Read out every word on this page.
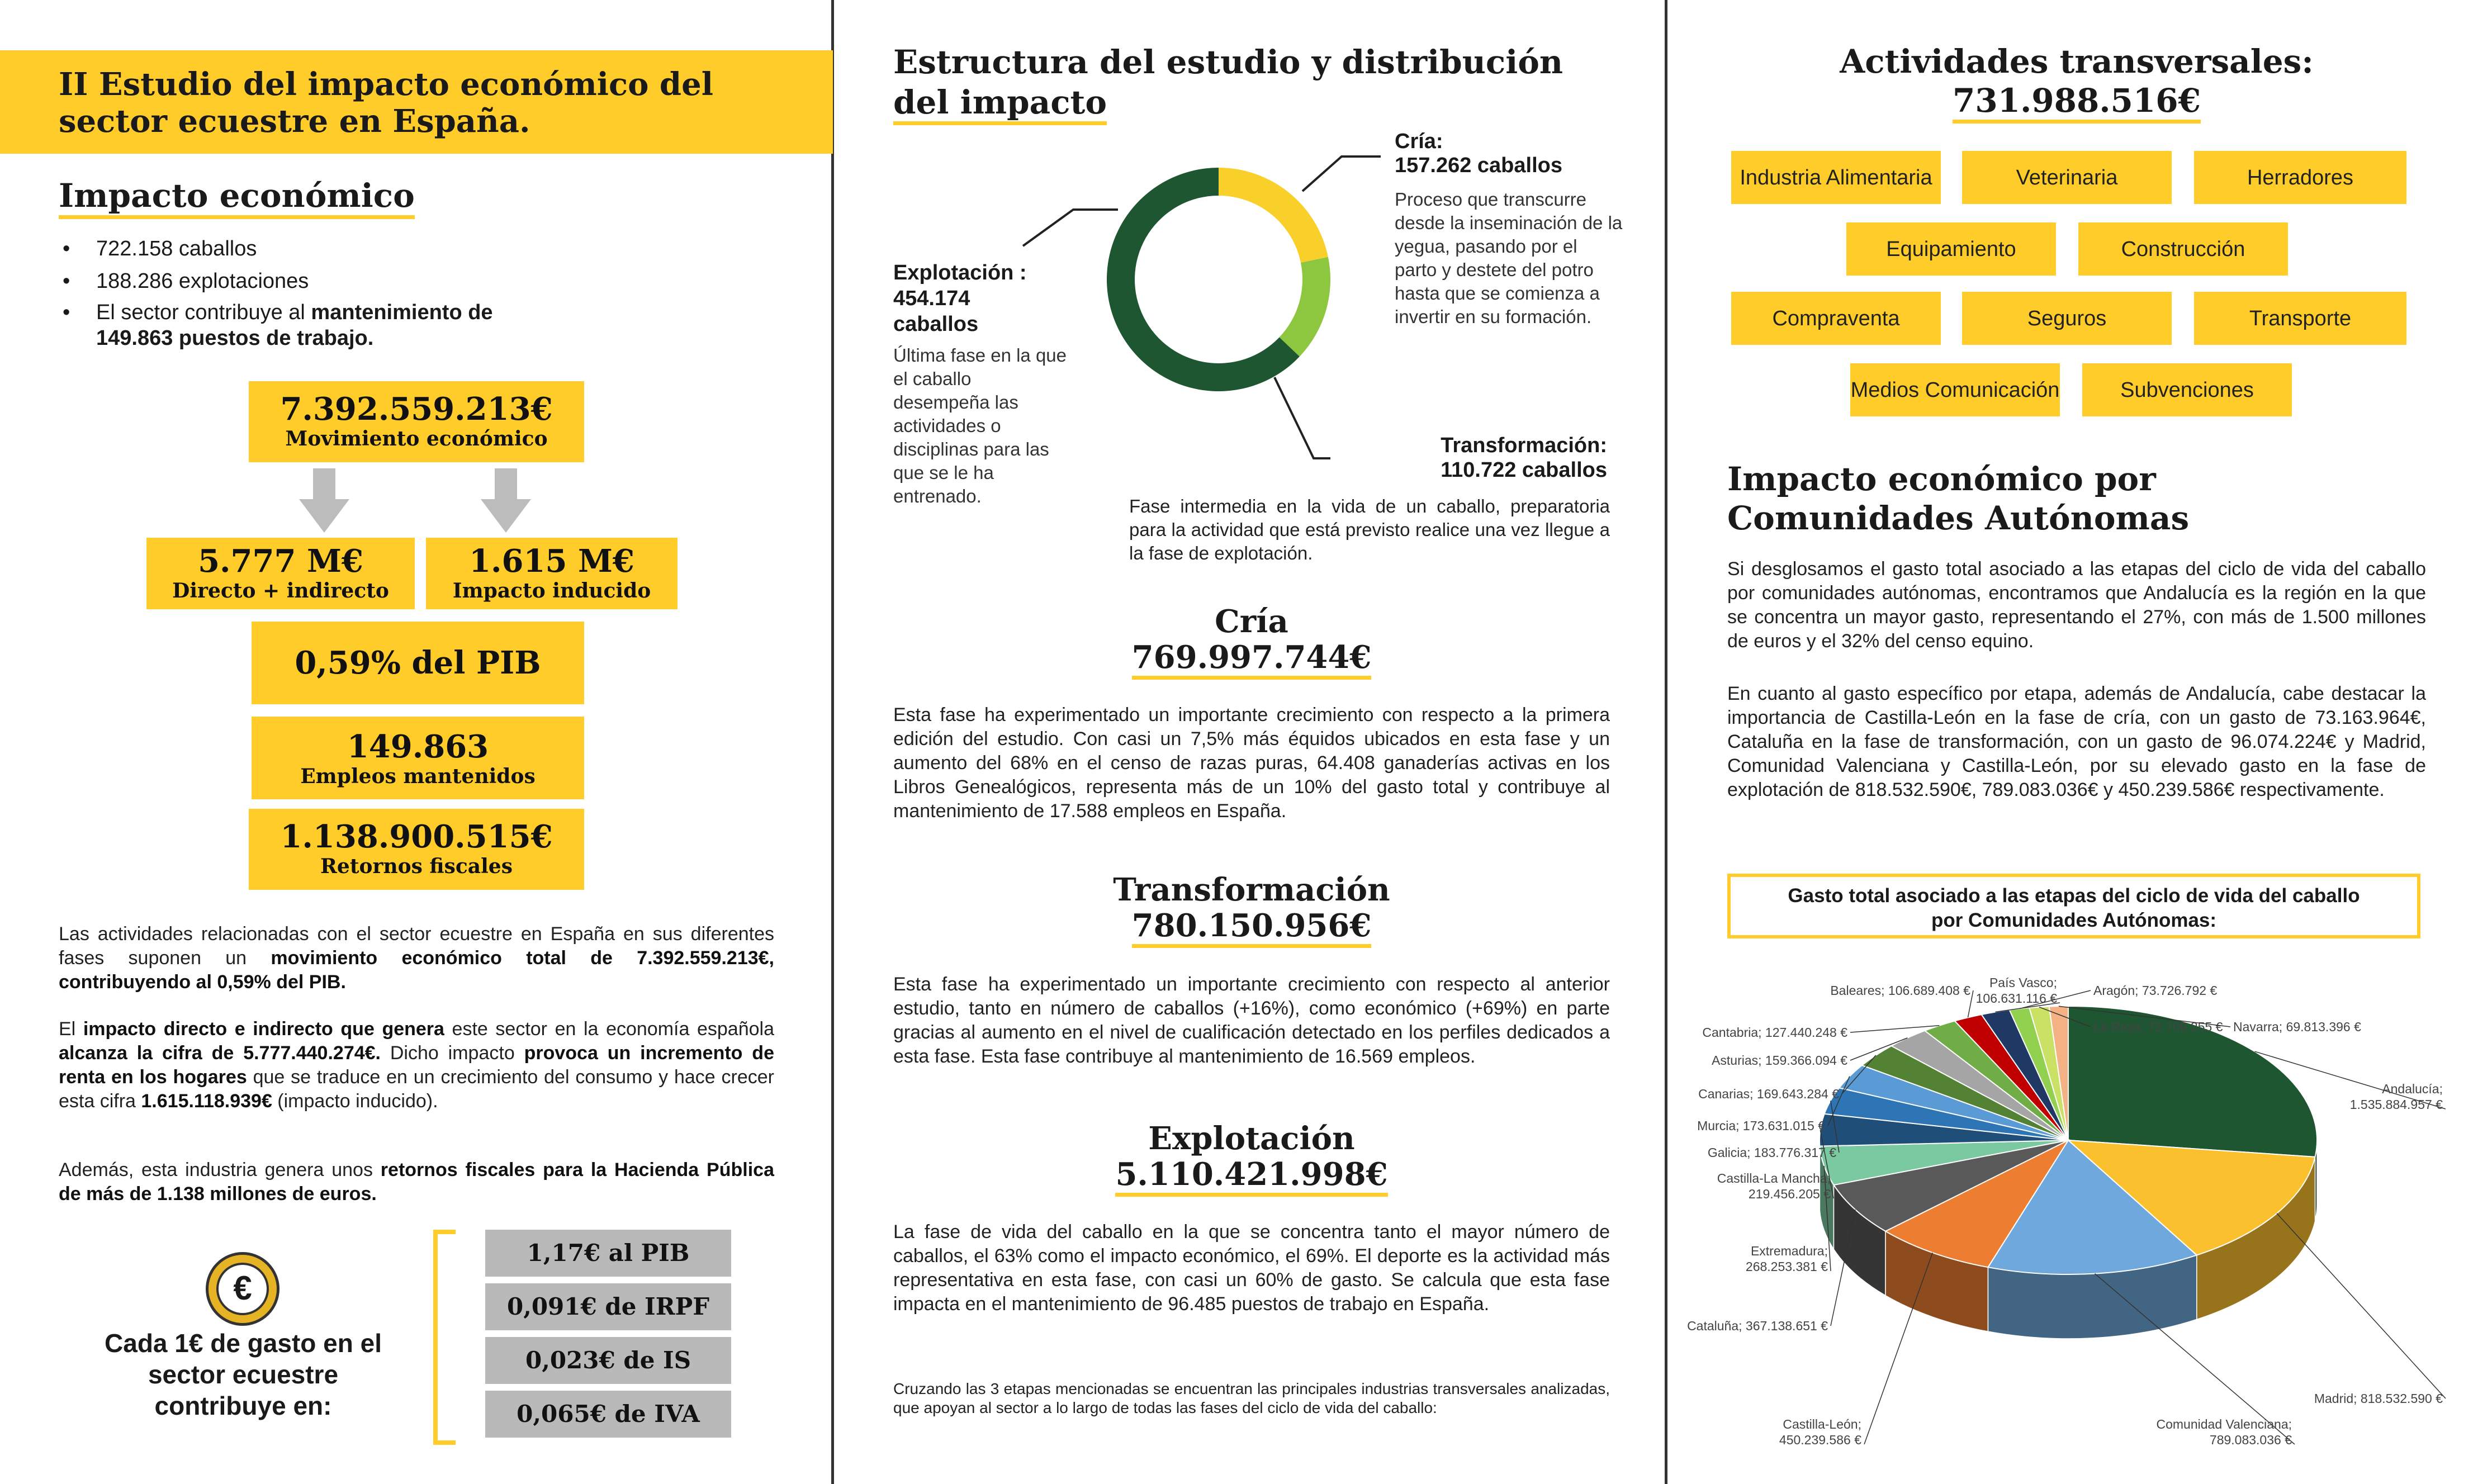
II Estudio del impacto económico del
sector ecuestre en España.
Impacto económico
• 722.158 caballos
• 188.286 explotaciones
• El sector contribuye al mantenimiento de
149.863 puestos de trabajo.
7.392.559.213€
Movimiento económico
5.777 M€
Directo + indirecto
1.615 M€
Impacto inducido
0,59% del PIB
149.863
Empleos mantenidos
1.138.900.515€
Retornos fiscales
Las actividades relacionadas con el sector ecuestre en España en sus diferentes fases suponen un movimiento económico total de 7.392.559.213€, contribuyendo al 0,59% del PIB.
El impacto directo e indirecto que genera este sector en la economía española alcanza la cifra de 5.777.440.274€. Dicho impacto provoca un incremento de renta en los hogares que se traduce en un crecimiento del consumo y hace crecer esta cifra 1.615.118.939€ (impacto inducido).
Además, esta industria genera unos retornos fiscales para la Hacienda Pública de más de 1.138 millones de euros.
€
Cada 1€ de gasto en el sector ecuestre contribuye en:
1,17€ al PIB
0,091€ de IRPF
0,023€ de IS
0,065€ de IVA
Estructura del estudio y distribución
del impacto
Cría:
157.262 caballos
Proceso que transcurre desde la inseminación de la yegua, pasando por el parto y destete del potro hasta que se comienza a invertir en su formación.
Explotación :
454.174
caballos
Última fase en la que el caballo desempeña las actividades o disciplinas para las que se le ha entrenado.
Transformación:
110.722 caballos
Fase intermedia en la vida de un caballo, preparatoria para la actividad que está previsto realice una vez llegue a la fase de explotación.
Cría
769.997.744€
Esta fase ha experimentado un importante crecimiento con respecto a la primera edición del estudio. Con casi un 7,5% más équidos ubicados en esta fase y un aumento del 68% en el censo de razas puras, 64.408 ganaderías activas en los Libros Genealógicos, representa más de un 10% del gasto total y contribuye al mantenimiento de 17.588 empleos en España.
Transformación
780.150.956€
Esta fase ha experimentado un importante crecimiento con respecto al anterior estudio, tanto en número de caballos (+16%), como económico (+69%) en parte gracias al aumento en el nivel de cualificación detectado en los perfiles dedicados a esta fase. Esta fase contribuye al mantenimiento de 16.569 empleos.
Explotación
5.110.421.998€
La fase de vida del caballo en la que se concentra tanto el mayor número de caballos, el 63% como el impacto económico, el 69%. El deporte es la actividad más representativa en esta fase, con casi un 60% de gasto. Se calcula que esta fase impacta en el mantenimiento de 96.485 puestos de trabajo en España.
Cruzando las 3 etapas mencionadas se encuentran las principales industrias transversales analizadas, que apoyan al sector a lo largo de todas las fases del ciclo de vida del caballo:
Actividades transversales:
731.988.516€
Industria Alimentaria	Veterinaria	Herradores
Equipamiento	Construcción
Compraventa	Seguros	Transporte
Medios Comunicación	Subvenciones
Impacto económico por
Comunidades Autónomas
Si desglosamos el gasto total asociado a las etapas del ciclo de vida del caballo por comunidades autónomas, encontramos que Andalucía es la región en la que se concentra un mayor gasto, representando el 27%, con más de 1.500 millones de euros y el 32% del censo equino.
En cuanto al gasto específico por etapa, además de Andalucía, cabe destacar la importancia de Castilla-León en la fase de cría, con un gasto de 73.163.964€, Cataluña en la fase de transformación, con un gasto de 96.074.224€ y Madrid, Comunidad Valenciana y Castilla-León, por su elevado gasto en la fase de explotación de 818.532.590€, 789.083.036€ y 450.239.586€ respectivamente.
Gasto total asociado a las etapas del ciclo de vida del caballo
por Comunidades Autónomas:
Andalucía; 1.535.884.957 €
Madrid; 818.532.590 €
Comunidad Valenciana; 789.083.036 €
Castilla-León; 450.239.586 €
Cataluña; 367.138.651 €
Extremadura; 268.253.381 €
Castilla-La Mancha; 219.456.205 €
Galicia; 183.776.317 €
Murcia; 173.631.015 €
Canarias; 169.643.284 €
Asturias; 159.366.094 €
Cantabria; 127.440.248 €
Baleares; 106.689.408 €
País Vasco; 106.631.116 €
Aragón; 73.726.792 €
La Rioja; 72.709.255 € Navarra; 69.813.396 €
